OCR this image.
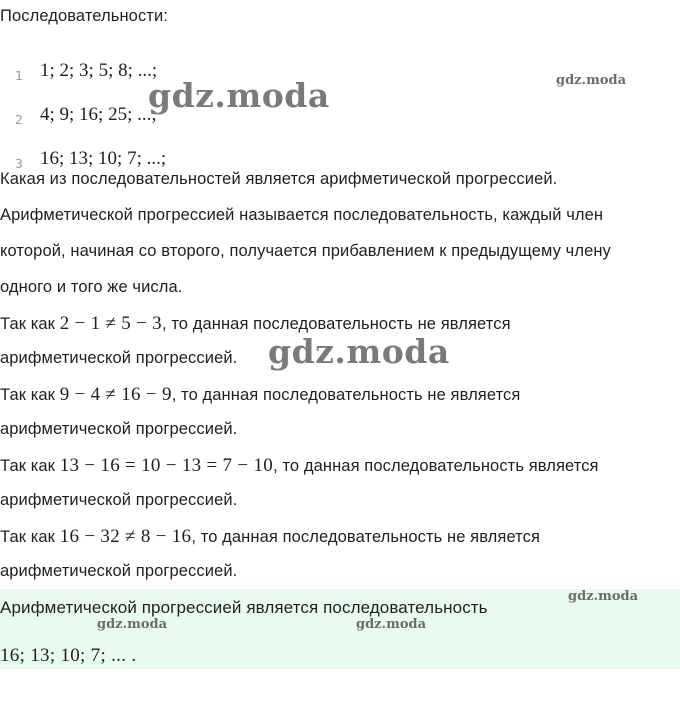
Последовательности:
1 1; 2; 3; 5; 8; ...;
2 4; 9; 16; 25; ...;
3 16; 13; 10; 7; ...;
Какая из последовательностей является арифметической прогрессией.
Арифметической прогрессией называется последовательность, каждый член
которой, начиная со второго, получается прибавлением к предыдущему члену
одного и того же числа.
Так как 2 − 1 ≠ 5 − 3, то данная последовательность не является
арифметической прогрессией.
Так как 9 − 4 ≠ 16 − 9, то данная последовательность не является
арифметической прогрессией.
Так как 13 − 16 = 10 − 13 = 7 − 10, то данная последовательность является
арифметической прогрессией.
Так как 16 − 32 ≠ 8 − 16, то данная последовательность не является
арифметической прогрессией.
Арифметической прогрессией является последовательность
16; 13; 10; 7; ... .
gdz.moda	gdz.moda
gdz.moda
gdz.moda
gdz.moda	gdz.moda
